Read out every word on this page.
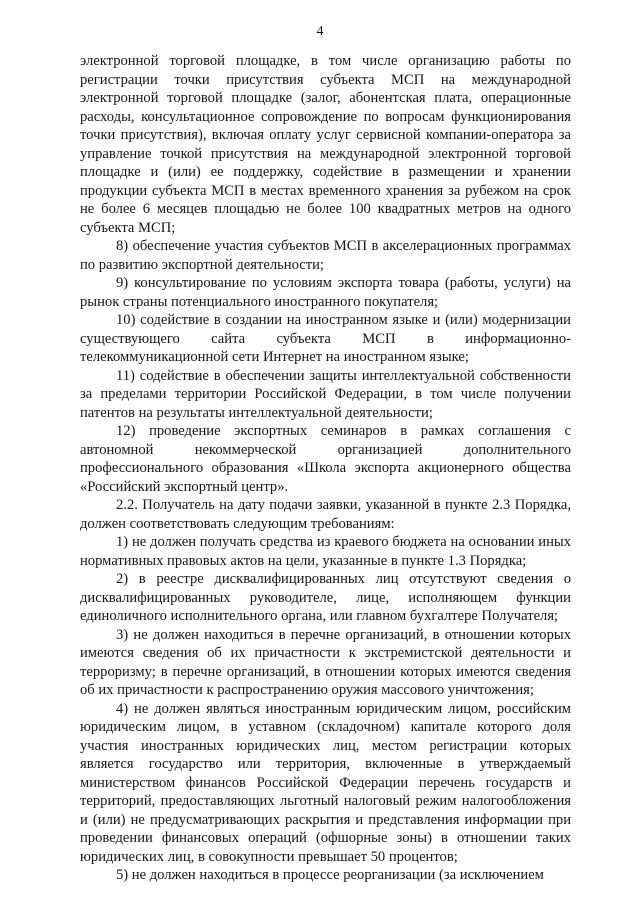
4

электронной торговой площадке, в том числе организацию работы по регистрации точки присутствия субъекта МСП на международной электронной торговой площадке (залог, абонентская плата, операционные расходы, консультационное сопровождение по вопросам функционирования точки присутствия), включая оплату услуг сервисной компании-оператора за управление точкой присутствия на международной электронной торговой площадке и (или) ее поддержку, содействие в размещении и хранении продукции субъекта МСП в местах временного хранения за рубежом на срок не более 6 месяцев площадью не более 100 квадратных метров на одного субъекта МСП;

8) обеспечение участия субъектов МСП в акселерационных программах по развитию экспортной деятельности;

9) консультирование по условиям экспорта товара (работы, услуги) на рынок страны потенциального иностранного покупателя;

10) содействие в создании на иностранном языке и (или) модернизации существующего сайта субъекта МСП в информационно-телекоммуникационной сети Интернет на иностранном языке;

11) содействие в обеспечении защиты интеллектуальной собственности за пределами территории Российской Федерации, в том числе получении патентов на результаты интеллектуальной деятельности;

12) проведение экспортных семинаров в рамках соглашения с автономной некоммерческой организацией дополнительного профессионального образования «Школа экспорта акционерного общества «Российский экспортный центр».

2.2. Получатель на дату подачи заявки, указанной в пункте 2.3 Порядка, должен соответствовать следующим требованиям:

1) не должен получать средства из краевого бюджета на основании иных нормативных правовых актов на цели, указанные в пункте 1.3 Порядка;

2) в реестре дисквалифицированных лиц отсутствуют сведения о дисквалифицированных руководителе, лице, исполняющем функции единоличного исполнительного органа, или главном бухгалтере Получателя;

3) не должен находиться в перечне организаций, в отношении которых имеются сведения об их причастности к экстремистской деятельности и терроризму; в перечне организаций, в отношении которых имеются сведения об их причастности к распространению оружия массового уничтожения;

4) не должен являться иностранным юридическим лицом, российским юридическим лицом, в уставном (складочном) капитале которого доля участия иностранных юридических лиц, местом регистрации которых является государство или территория, включенные в утверждаемый министерством финансов Российской Федерации перечень государств и территорий, предоставляющих льготный налоговый режим налогообложения и (или) не предусматривающих раскрытия и представления информации при проведении финансовых операций (офшорные зоны) в отношении таких юридических лиц, в совокупности превышает 50 процентов;

5) не должен находиться в процессе реорганизации (за исключением
